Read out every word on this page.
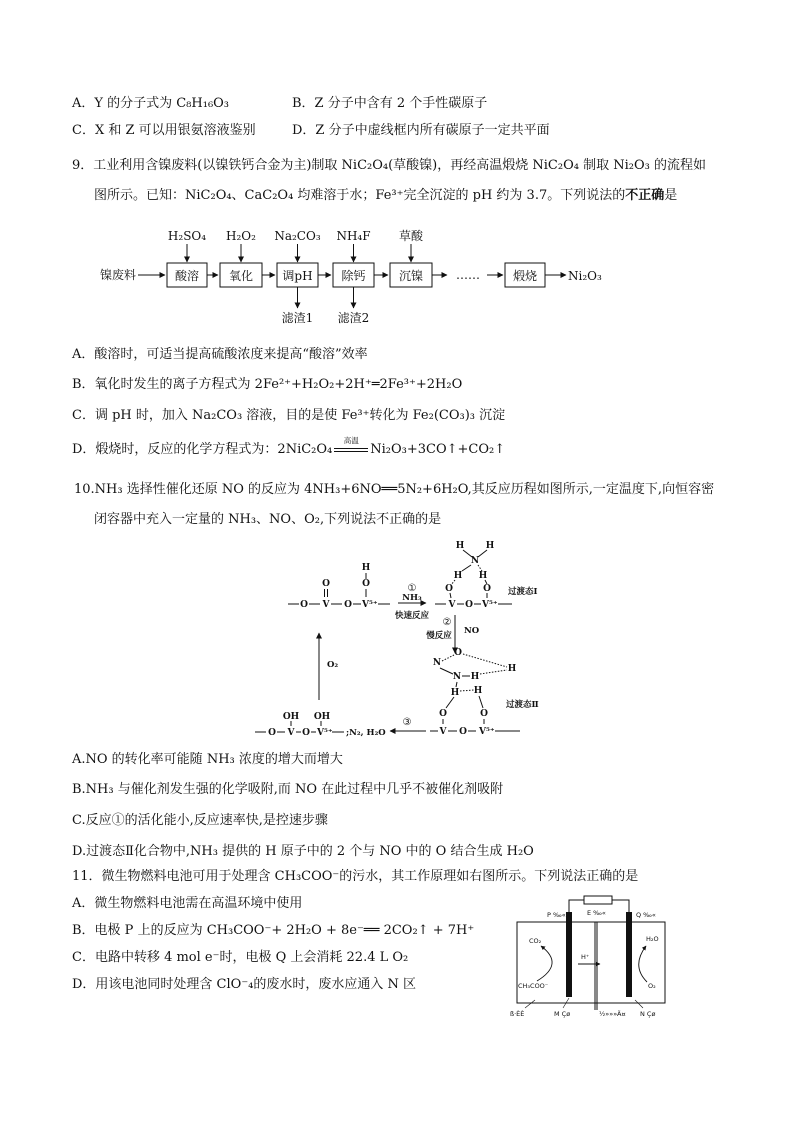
A．Y 的分子式为 C₈H₁₆O₃	B．Z 分子中含有 2 个手性碳原子
C．X 和 Z 可以用银氨溶液鉴别	D．Z 分子中虚线框内所有碳原子一定共平面
9．工业利用含镍废料(以镍铁钙合金为主)制取 NiC₂O₄(草酸镍)，再经高温煅烧 NiC₂O₄ 制取 Ni₂O₃ 的流程如
图所示。已知：NiC₂O₄、CaC₂O₄ 均难溶于水；Fe³⁺完全沉淀的 pH 约为 3.7。下列说法的不正确是
镍废料	酸溶 氧化 调pH 除钙	沉镍	……	煅烧	Ni₂O₃
H₂SO₄ H₂O₂ Na₂CO₃ NH₄F 草酸
滤渣1 滤渣2
A．酸溶时，可适当提高硫酸浓度来提高“酸溶”效率
B．氧化时发生的离子方程式为 2Fe²⁺+H₂O₂+2H⁺═2Fe³⁺+2H₂O
C．调 pH 时，加入 Na₂CO₃ 溶液，目的是使 Fe³⁺转化为 Fe₂(CO₃)₃ 沉淀
D．煅烧时，反应的化学方程式为：2NiC₂O₄
高温
Ni₂O₃+3CO↑+CO₂↑
10.NH₃ 选择性催化还原 NO 的反应为 4NH₃+6NO══5N₂+6H₂O,其反应历程如图所示,一定温度下,向恒容密
闭容器中充入一定量的 NH₃、NO、O₂,下列说法不正确的是
O V O V⁵⁺
O	O
H
①
NH₃
快速反应
H H
N
H H
O	O
V O V⁵⁺
过渡态Ⅰ
②
慢反应 NO
N
O
N H
H
H H
O	O
V O V⁵⁺
过渡态Ⅱ
③
O V O V⁵⁺
OH OH
;N₂, H₂O
O₂
A.NO 的转化率可能随 NH₃ 浓度的增大而增大
B.NH₃ 与催化剂发生强的化学吸附,而 NO 在此过程中几乎不被催化剂吸附
C.反应①的活化能小,反应速率快,是控速步骤
D.过渡态Ⅱ化合物中,NH₃ 提供的 H 原子中的 2 个与 NO 中的 O 结合生成 H₂O
11．微生物燃料电池可用于处理含 CH₃COO⁻的污水，其工作原理如右图所示。下列说法正确的是
A．微生物燃料电池需在高温环境中使用
B．电极 P 上的反应为 CH₃COO⁻+ 2H₂O + 8e⁻══ 2CO₂↑ + 7H⁺
C．电路中转移 4 mol e⁻时，电极 Q 上会消耗 22.4 L O₂
D．用该电池同时处理含 ClO⁻₄的废水时，废水应通入 N 区
P ‰«	E ‰«	Q ‰«
CO₂
CH₃COO⁻
H₂O
O₂
H⁺
ß·ÈÈ	M Çø	½»»»Ä¤ N Çø
